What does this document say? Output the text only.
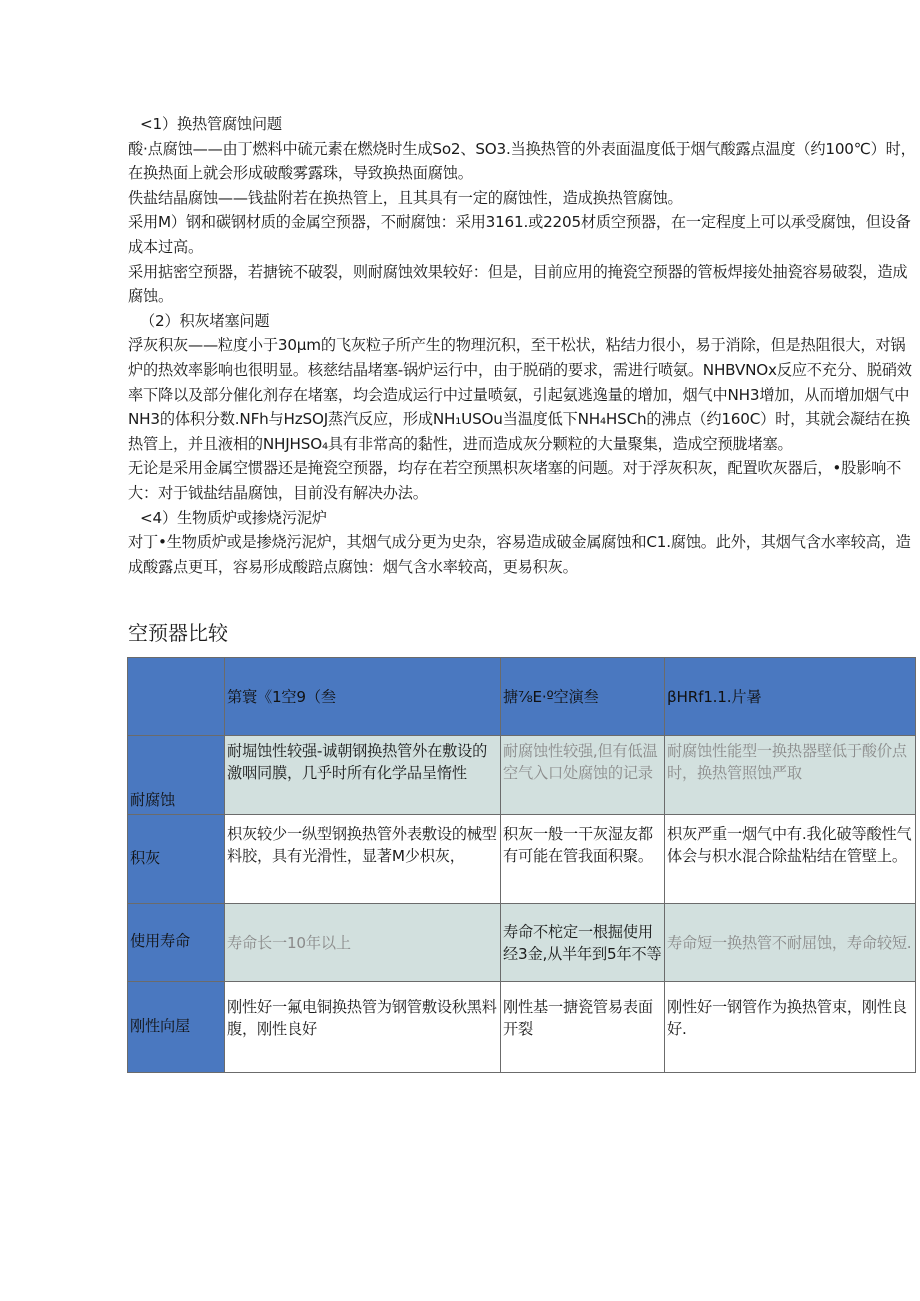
<1）换热管腐蚀问题

酸·点腐蚀——由丁燃料中硫元素在燃烧时生成So2、SO3.当换热管的外表面温度低于烟气酸露点温度（约100℃）时，在换热面上就会形成破酸雾露珠，导致换热面腐蚀。

佚盐结晶腐蚀——钱盐附若在换热管上，且其具有一定的腐蚀性，造成换热管腐蚀。

采用M）钢和碳钢材质的金属空预器，不耐腐蚀：采用3161.或2205材质空预器，在一定程度上可以承受腐蚀，但设备成本过高。

采用掂密空预器，若搪铳不破裂，则耐腐蚀效果较好：但是，目前应用的掩瓷空预器的管板焊接处抽瓷容易破裂，造成腐蚀。

（2）积灰堵塞问题

浮灰积灰——粒度小于30μm的飞灰粒子所产生的物理沉积，至干松状，粘结力很小，易于消除，但是热阻很大，对锅炉的热效率影响也很明显。核慈结晶堵塞-锅炉运行中，由于脱硝的要求，需进行喷氨。NHBVNOx反应不充分、脱硝效率下降以及部分催化剂存在堵塞，均会造成运行中过量喷氨，引起氨逃逸量的增加，烟气中NH3增加，从而增加烟气中NH3的体积分数.NFh与HzSOJ蒸汽反应，形成NH₁USOu当温度低下NH₄HSCh的沸点（约160C）时，其就会凝结在换热管上，并且液相的NHJHSO₄具有非常高的黏性，进而造成灰分颗粒的大量聚集，造成空预胧堵塞。

无论是采用金属空惯器还是掩瓷空预器，均存在若空预黑枳灰堵塞的问题。对于浮灰积灰，配置吹灰器后，•股影响不大：对于钺盐结晶腐蚀，目前没有解决办法。

<4）生物质炉或掺烧污泥炉

对丁•生物质炉或是掺烧污泥炉，其烟气成分更为史杂，容易造成破金属腐蚀和C1.腐蚀。此外，其烟气含水率较高，造成酸露点更耳，容易形成酸踣点腐蚀：烟气含水率较高，更易积灰。

空预器比较
	第寰《1空9（叁	搪⅞E·º空演叁	βHRf1.1.片暑
耐腐蚀	耐堀蚀性较强-诚朝钢换热管外在敷设的激咽同膜，几乎时所有化学品呈惰性	耐腐蚀性较强,但有低温空气入口处腐蚀的记录	耐腐蚀性能型一换热器壁低于酸价点时，换热管照蚀严取
积灰	枳灰较少一纵型钢换热管外表敷设的械型料胶，具有光滑性，显著M少枳灰，	积灰一般一干灰湿友都有可能在管我面积聚。	枳灰严重一烟气中有.我化破等酸性气体会与枳水混合除盐粘结在管壁上。
使用寿命	寿命长一10年以上	寿命不柁定一根掘使用经3金,从半年到5年不等	寿命短一换热管不耐屈蚀，寿命较短.
刚性向屋	刚性好一氟电铜换热管为钢管敷设秋黑料腹，刚性良好	刚性基一搪瓷管易表面开裂	刚性好一钢管作为换热管束，刚性良好.
